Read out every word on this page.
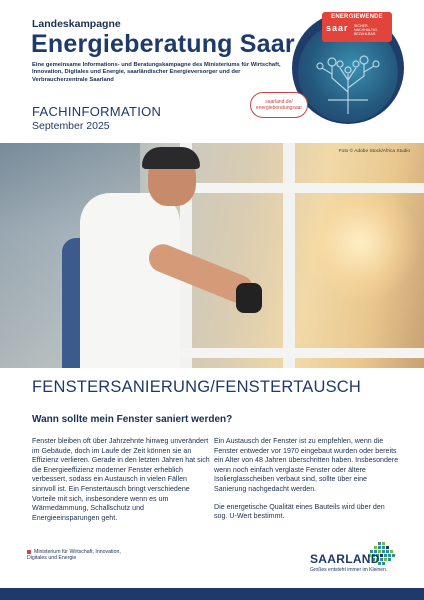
Landeskampagne
Energieberatung Saar
Eine gemeinsame Informations- und Beratungskampagne des Ministeriums für Wirtschaft, Innovation, Digitales und Energie, saarländischer Energieversorger und der Verbraucherzentrale Saarland
FACHINFORMATION
September 2025
ENERGIEWENDE
saar SICHER. NACHHALTIG. BEZAHLBAR.
saarland.de/
energieberatungsaar
Foto © Adobe Stock/Africa Studio
FENSTERSANIERUNG/FENSTERTAUSCH
Wann sollte mein Fenster saniert werden?

Fenster bleiben oft über Jahrzehnte hinweg unverändert im Gebäude, doch im Laufe der Zeit können sie an Effizienz verlieren. Gerade in den letzten Jahren hat sich die Energieeffizienz moderner Fenster erheblich verbessert, sodass ein Austausch in vielen Fällen sinnvoll ist. Ein Fenstertausch bringt verschiedene Vorteile mit sich, insbesondere wenn es um Wärmedämmung, Schallschutz und Energieeinsparungen geht.

Ein Austausch der Fenster ist zu empfehlen, wenn die Fenster entweder vor 1970 eingebaut wurden oder bereits ein Alter von 48 Jahren überschritten haben. Insbesondere wenn noch einfach verglaste Fenster oder ältere Isolierglasscheiben verbaut sind, sollte über eine Sanierung nachgedacht werden.

Die energetische Qualität eines Bauteils wird über den sog. U-Wert bestimmt.

Ministerium für Wirtschaft, Innovation, Digitales und Energie	SAARLAND
Großes entsteht immer im Kleinen.
